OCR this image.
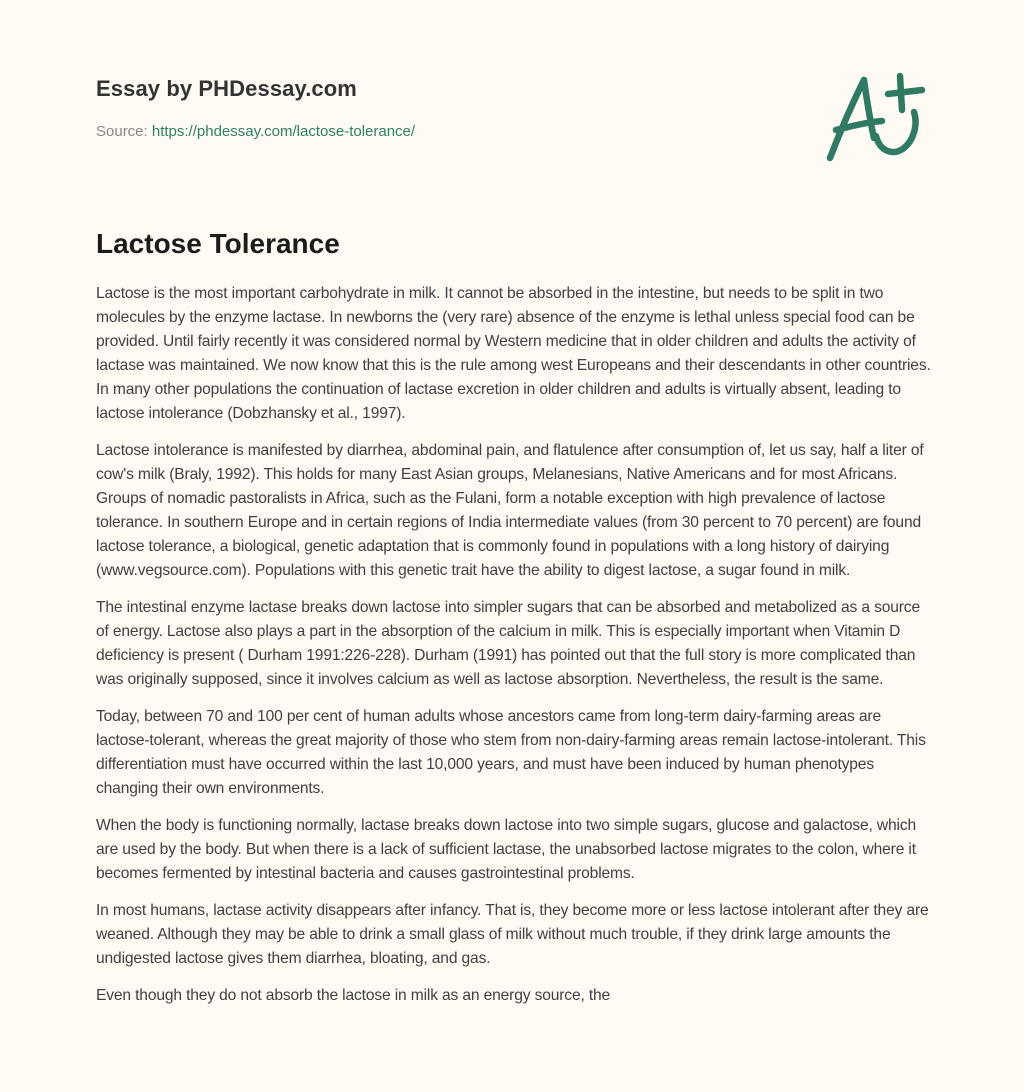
Essay by PHDessay.com
Source: https://phdessay.com/lactose-tolerance/
Lactose Tolerance

Lactose is the most important carbohydrate in milk. It cannot be absorbed in the intestine, but needs to be split in two molecules by the enzyme lactase. In newborns the (very rare) absence of the enzyme is lethal unless special food can be provided. Until fairly recently it was considered normal by Western medicine that in older children and adults the activity of lactase was maintained. We now know that this is the rule among west Europeans and their descendants in other countries. In many other populations the continuation of lactase excretion in older children and adults is virtually absent, leading to lactose intolerance (Dobzhansky et al., 1997).

Lactose intolerance is manifested by diarrhea, abdominal pain, and flatulence after consumption of, let us say, half a liter of cow's milk (Braly, 1992). This holds for many East Asian groups, Melanesians, Native Americans and for most Africans. Groups of nomadic pastoralists in Africa, such as the Fulani, form a notable exception with high prevalence of lactose tolerance. In southern Europe and in certain regions of India intermediate values (from 30 percent to 70 percent) are found lactose tolerance, a biological, genetic adaptation that is commonly found in populations with a long history of dairying (www.vegsource.com). Populations with this genetic trait have the ability to digest lactose, a sugar found in milk.

The intestinal enzyme lactase breaks down lactose into simpler sugars that can be absorbed and metabolized as a source of energy. Lactose also plays a part in the absorption of the calcium in milk. This is especially important when Vitamin D deficiency is present ( Durham 1991:226-228). Durham (1991) has pointed out that the full story is more complicated than was originally supposed, since it involves calcium as well as lactose absorption. Nevertheless, the result is the same.

Today, between 70 and 100 per cent of human adults whose ancestors came from long-term dairy-farming areas are lactose-tolerant, whereas the great majority of those who stem from non-dairy-farming areas remain lactose-intolerant. This differentiation must have occurred within the last 10,000 years, and must have been induced by human phenotypes changing their own environments.

When the body is functioning normally, lactase breaks down lactose into two simple sugars, glucose and galactose, which are used by the body. But when there is a lack of sufficient lactase, the unabsorbed lactose migrates to the colon, where it becomes fermented by intestinal bacteria and causes gastrointestinal problems.

In most humans, lactase activity disappears after infancy. That is, they become more or less lactose intolerant after they are weaned. Although they may be able to drink a small glass of milk without much trouble, if they drink large amounts the undigested lactose gives them diarrhea, bloating, and gas.

Even though they do not absorb the lactose in milk as an energy source, the
